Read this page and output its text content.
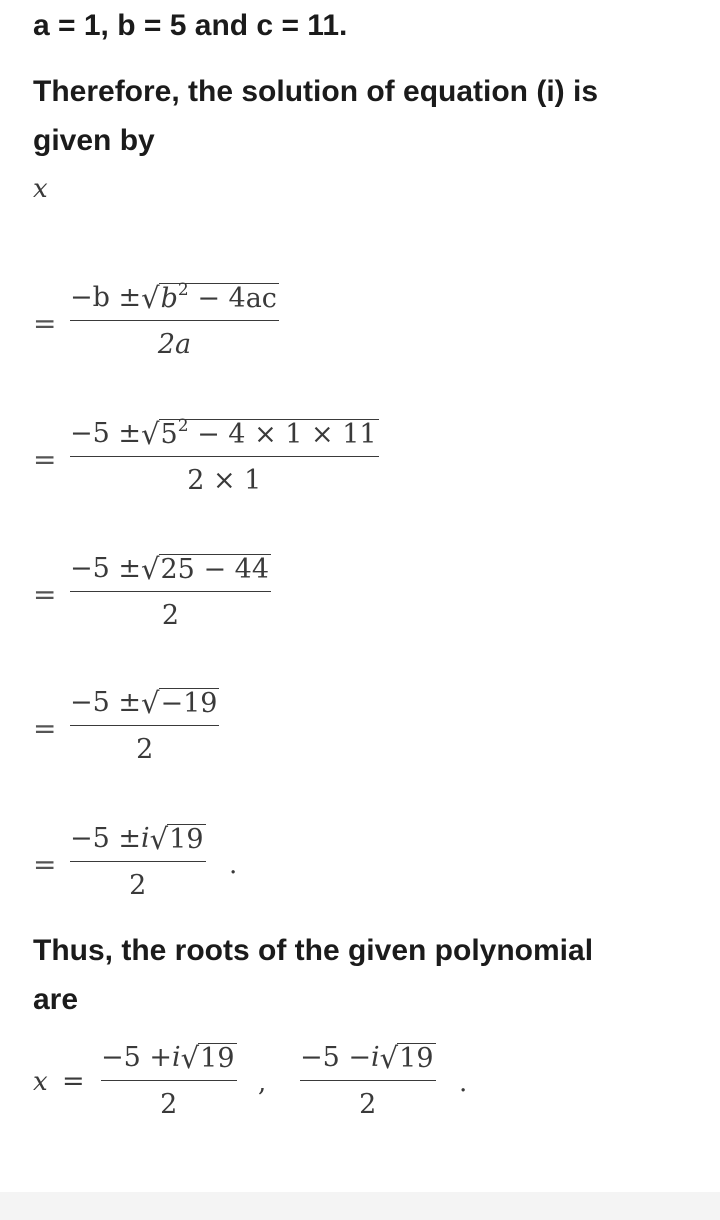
a = 1, b = 5 and c = 11.

Therefore, the solution of equation (i) is

given by

x
=
−b ± √ $b^2 - 4ac$
2a
=
−5 ± √ $5^2 - 4 \times 1 \times 11$
2 × 1
=
−5 ± √ 25 − 44
2
=
−5 ± √ −19
2
=
−5 ± i √ 19
2
.

Thus, the roots of the given polynomial

are

x =
−5 + i √ 19
2
,
−5 − i √ 19
2
.
